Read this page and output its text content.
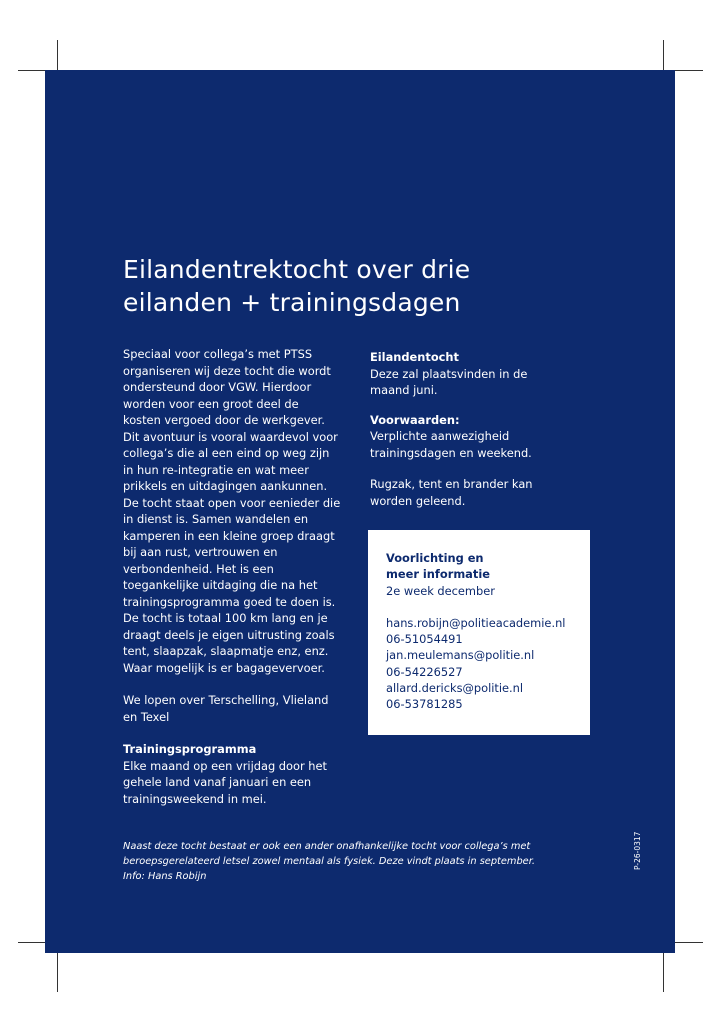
Eilandentrektocht over drie
eilanden + trainingsdagen

Speciaal voor collega’s met PTSS

organiseren wij deze tocht die wordt

ondersteund door VGW. Hierdoor

worden voor een groot deel de

kosten vergoed door de werkgever.

Dit avontuur is vooral waardevol voor

collega’s die al een eind op weg zijn

in hun re-integratie en wat meer

prikkels en uitdagingen aankunnen.

De tocht staat open voor eenieder die

in dienst is. Samen wandelen en

kamperen in een kleine groep draagt

bij aan rust, vertrouwen en

verbondenheid. Het is een

toegankelijke uitdaging die na het

trainingsprogramma goed te doen is.

De tocht is totaal 100 km lang en je

draagt deels je eigen uitrusting zoals

tent, slaapzak, slaapmatje enz, enz.

Waar mogelijk is er bagagevervoer.

We lopen over Terschelling, Vlieland

en Texel

Trainingsprogramma

Elke maand op een vrijdag door het

gehele land vanaf januari en een

trainingsweekend in mei.

Eilandentocht

Deze zal plaatsvinden in de

maand juni.

Voorwaarden:

Verplichte aanwezigheid

trainingsdagen en weekend.

Rugzak, tent en brander kan

worden geleend.

Voorlichting en

meer informatie

2e week december

hans.robijn@politieacademie.nl

06-51054491

jan.meulemans@politie.nl

06-54226527

allard.dericks@politie.nl

06-53781285

Naast deze tocht bestaat er ook een ander onafhankelijke tocht voor collega’s met

beroepsgerelateerd letsel zowel mentaal als fysiek. Deze vindt plaats in september.

Info: Hans Robijn

P-26-0317
